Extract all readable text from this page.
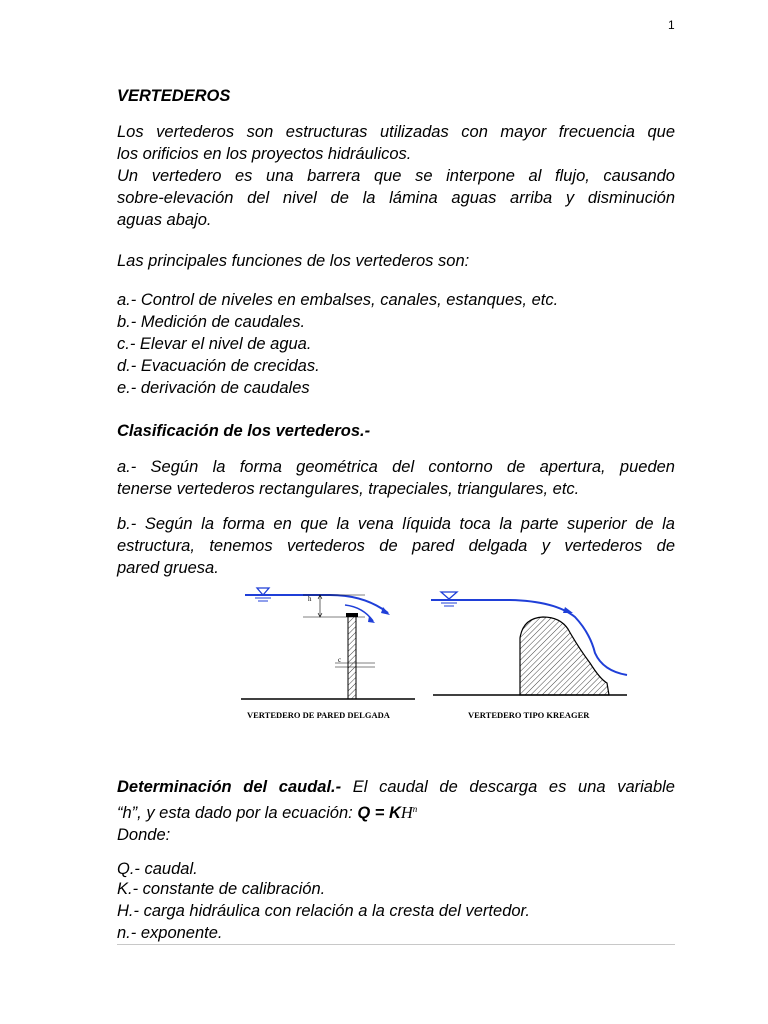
1
VERTEDEROS
Los vertederos son estructuras utilizadas con mayor frecuencia que
los orificios en los proyectos hidráulicos.
Un vertedero es una barrera que se interpone al flujo, causando
sobre-elevación del nivel de la lámina aguas arriba y disminución
aguas abajo.
Las principales funciones de los vertederos son:
a.- Control de niveles en embalses, canales, estanques, etc.
b.- Medición de caudales.
c.- Elevar el nivel de agua.
d.- Evacuación de crecidas.
e.- derivación de caudales
Clasificación de los vertederos.-
a.- Según la forma geométrica del contorno de apertura, pueden
tenerse vertederos rectangulares, trapeciales, triangulares, etc.
b.- Según la forma en que la vena líquida toca la parte superior de la
estructura, tenemos vertederos de pared delgada y vertederos de
pared gruesa.
Determinación del caudal.- El caudal de descarga es una variable
“h”, y esta dado por la ecuación: $Q = KH^n$
Donde:
Q.- caudal.
K.- constante de calibración.
H.- carga hidráulica con relación a la cresta del vertedor.
n.- exponente.
h
c
VERTEDERO DE PARED DELGADA	VERTEDERO TIPO KREAGER
